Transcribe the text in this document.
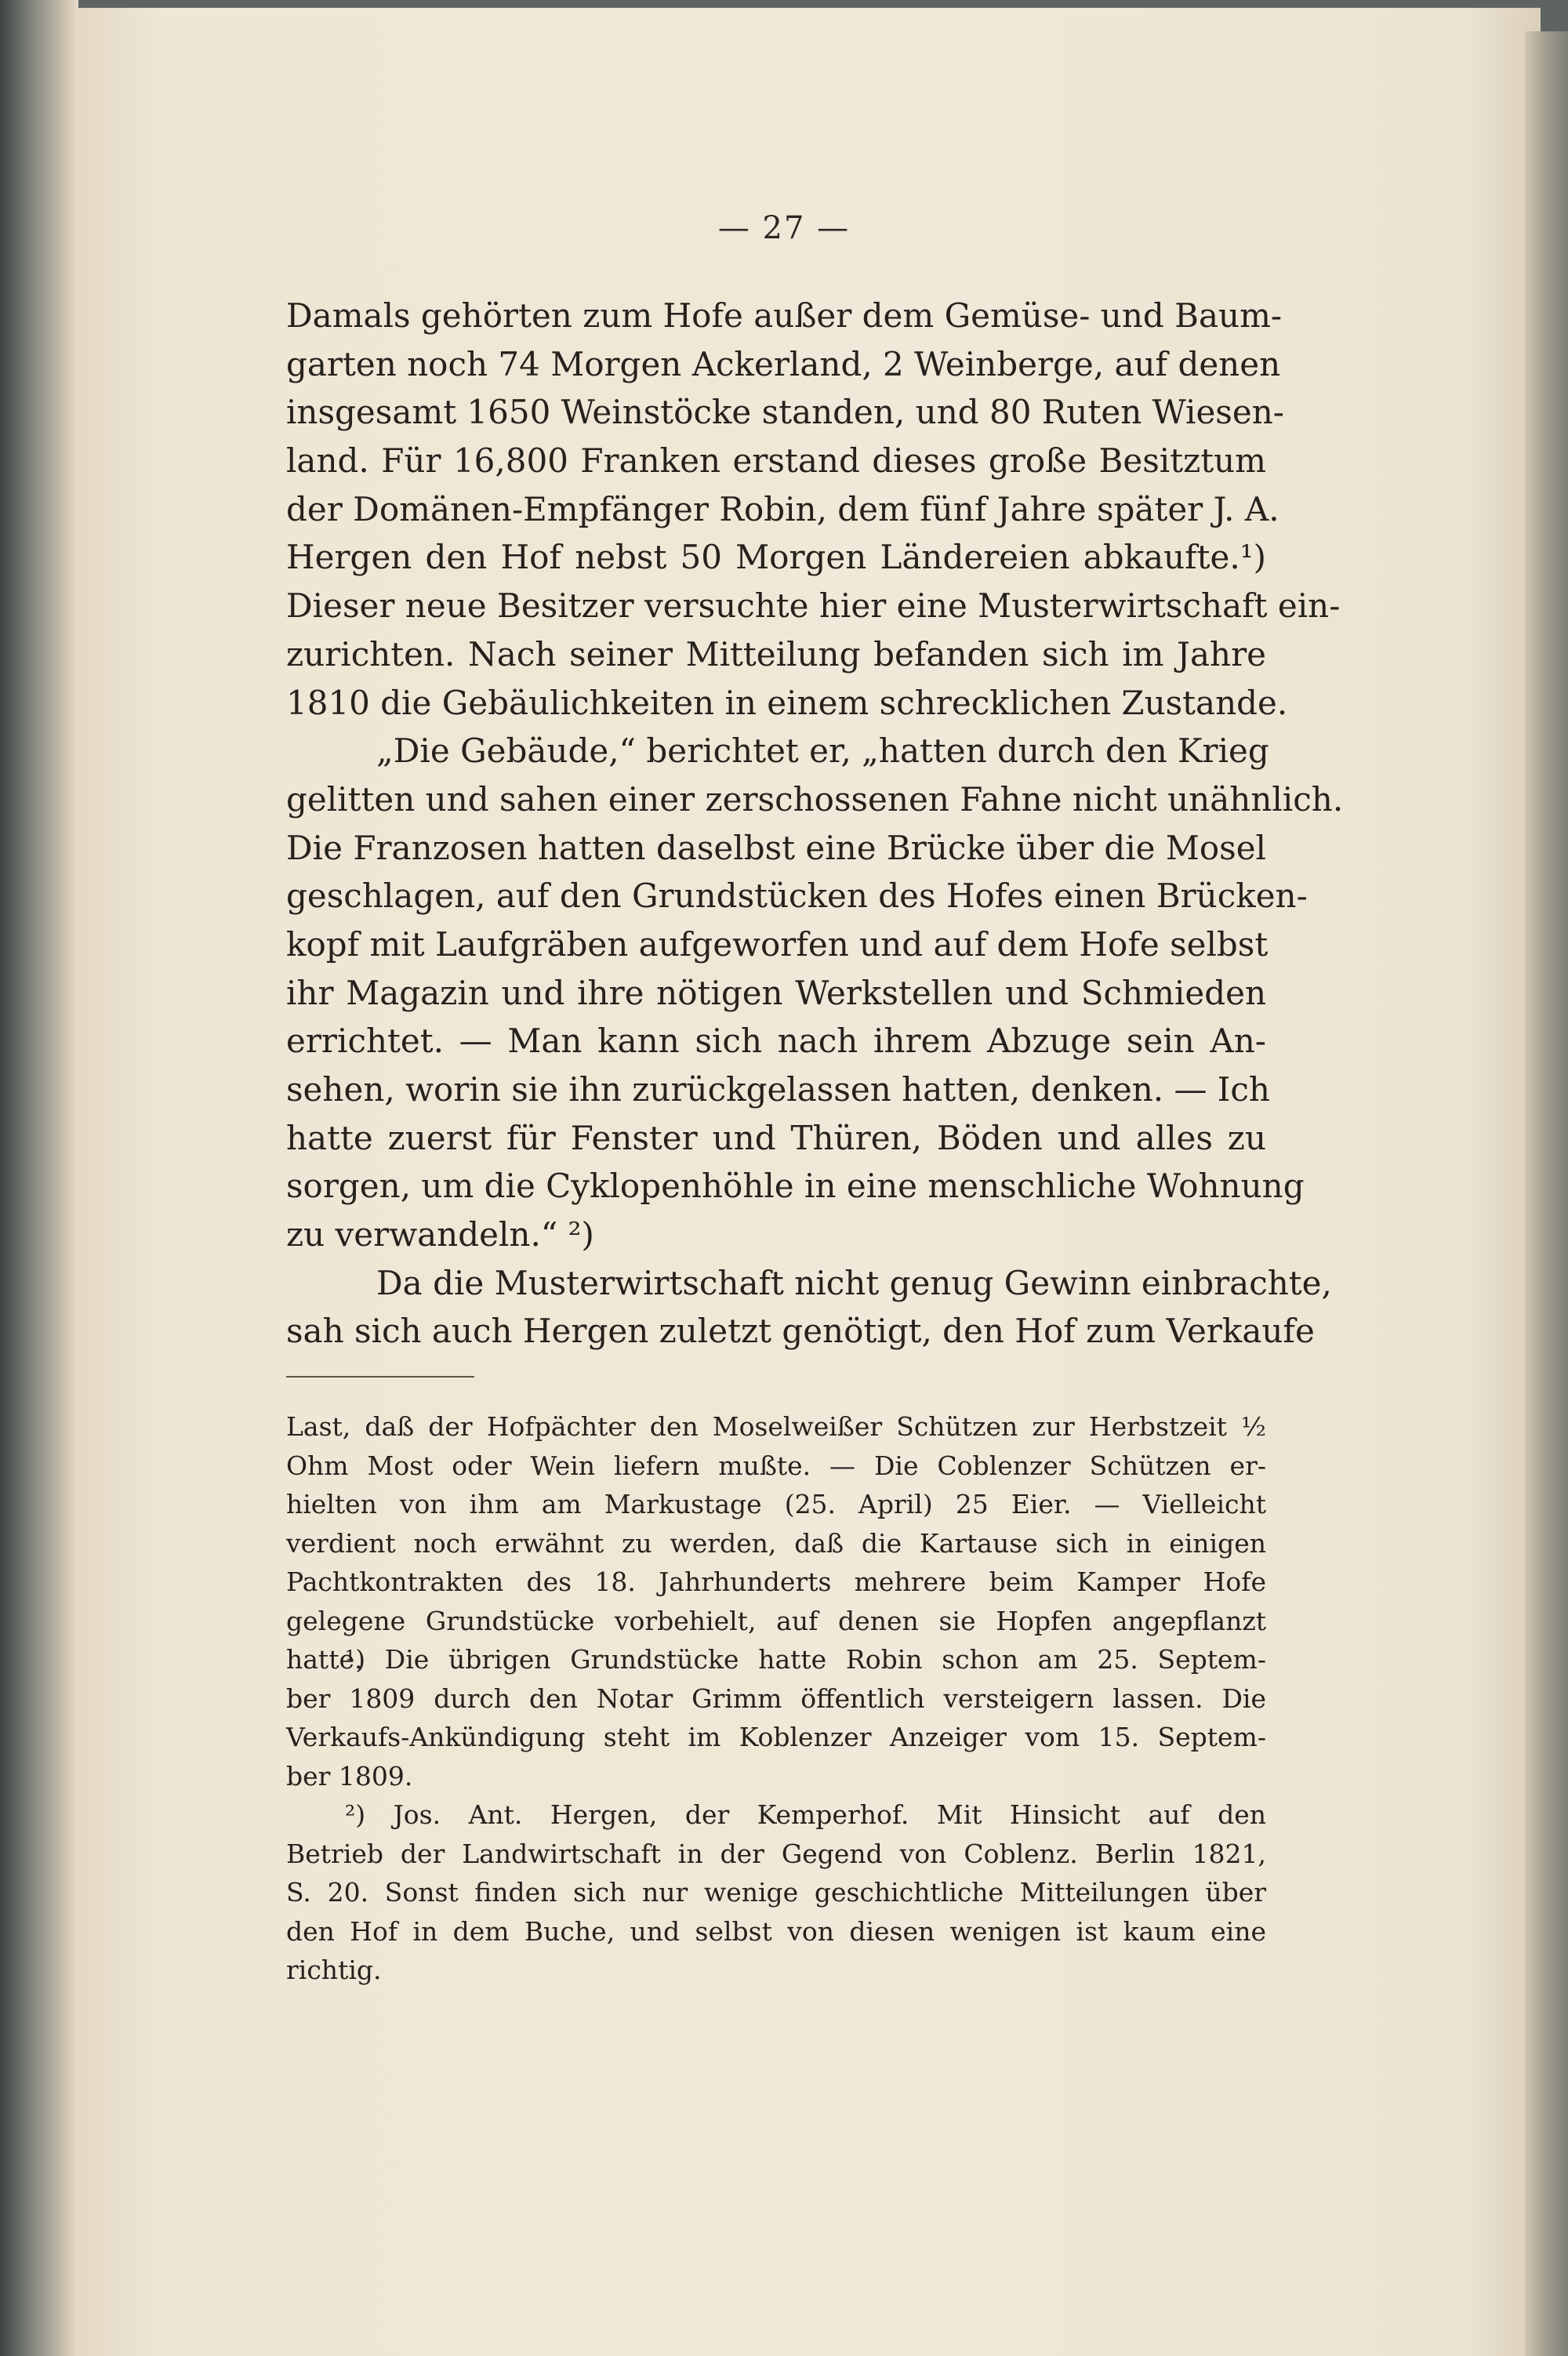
— 27 —
Damals gehörten zum Hofe außer dem Gemüse- und Baum-
garten noch 74 Morgen Ackerland, 2 Weinberge, auf denen
insgesamt 1650 Weinstöcke standen, und 80 Ruten Wiesen-
land. Für 16,800 Franken erstand dieses große Besitztum
der Domänen-Empfänger Robin, dem fünf Jahre später J. A.
Hergen den Hof nebst 50 Morgen Ländereien abkaufte.¹)
Dieser neue Besitzer versuchte hier eine Musterwirtschaft ein-
zurichten. Nach seiner Mitteilung befanden sich im Jahre
1810 die Gebäulichkeiten in einem schrecklichen Zustande.
„Die Gebäude,“ berichtet er, „hatten durch den Krieg
gelitten und sahen einer zerschossenen Fahne nicht unähnlich.
Die Franzosen hatten daselbst eine Brücke über die Mosel
geschlagen, auf den Grundstücken des Hofes einen Brücken-
kopf mit Laufgräben aufgeworfen und auf dem Hofe selbst
ihr Magazin und ihre nötigen Werkstellen und Schmieden
errichtet. — Man kann sich nach ihrem Abzuge sein An-
sehen, worin sie ihn zurückgelassen hatten, denken. — Ich
hatte zuerst für Fenster und Thüren, Böden und alles zu
sorgen, um die Cyklopenhöhle in eine menschliche Wohnung
zu verwandeln.“ ²)
Da die Musterwirtschaft nicht genug Gewinn einbrachte,
sah sich auch Hergen zuletzt genötigt, den Hof zum Verkaufe
Last, daß der Hofpächter den Moselweißer Schützen zur Herbstzeit ½
Ohm Most oder Wein liefern mußte. — Die Coblenzer Schützen er-
hielten von ihm am Markustage (25. April) 25 Eier. — Vielleicht
verdient noch erwähnt zu werden, daß die Kartause sich in einigen
Pachtkontrakten des 18. Jahrhunderts mehrere beim Kamper Hofe
gelegene Grundstücke vorbehielt, auf denen sie Hopfen angepflanzt hatte.
¹) Die übrigen Grundstücke hatte Robin schon am 25. Septem-
ber 1809 durch den Notar Grimm öffentlich versteigern lassen. Die
Verkaufs-Ankündigung steht im Koblenzer Anzeiger vom 15. Septem-
ber 1809.
²) Jos. Ant. Hergen, der Kemperhof. Mit Hinsicht auf den
Betrieb der Landwirtschaft in der Gegend von Coblenz. Berlin 1821,
S. 20. Sonst finden sich nur wenige geschichtliche Mitteilungen über
den Hof in dem Buche, und selbst von diesen wenigen ist kaum eine
richtig.
